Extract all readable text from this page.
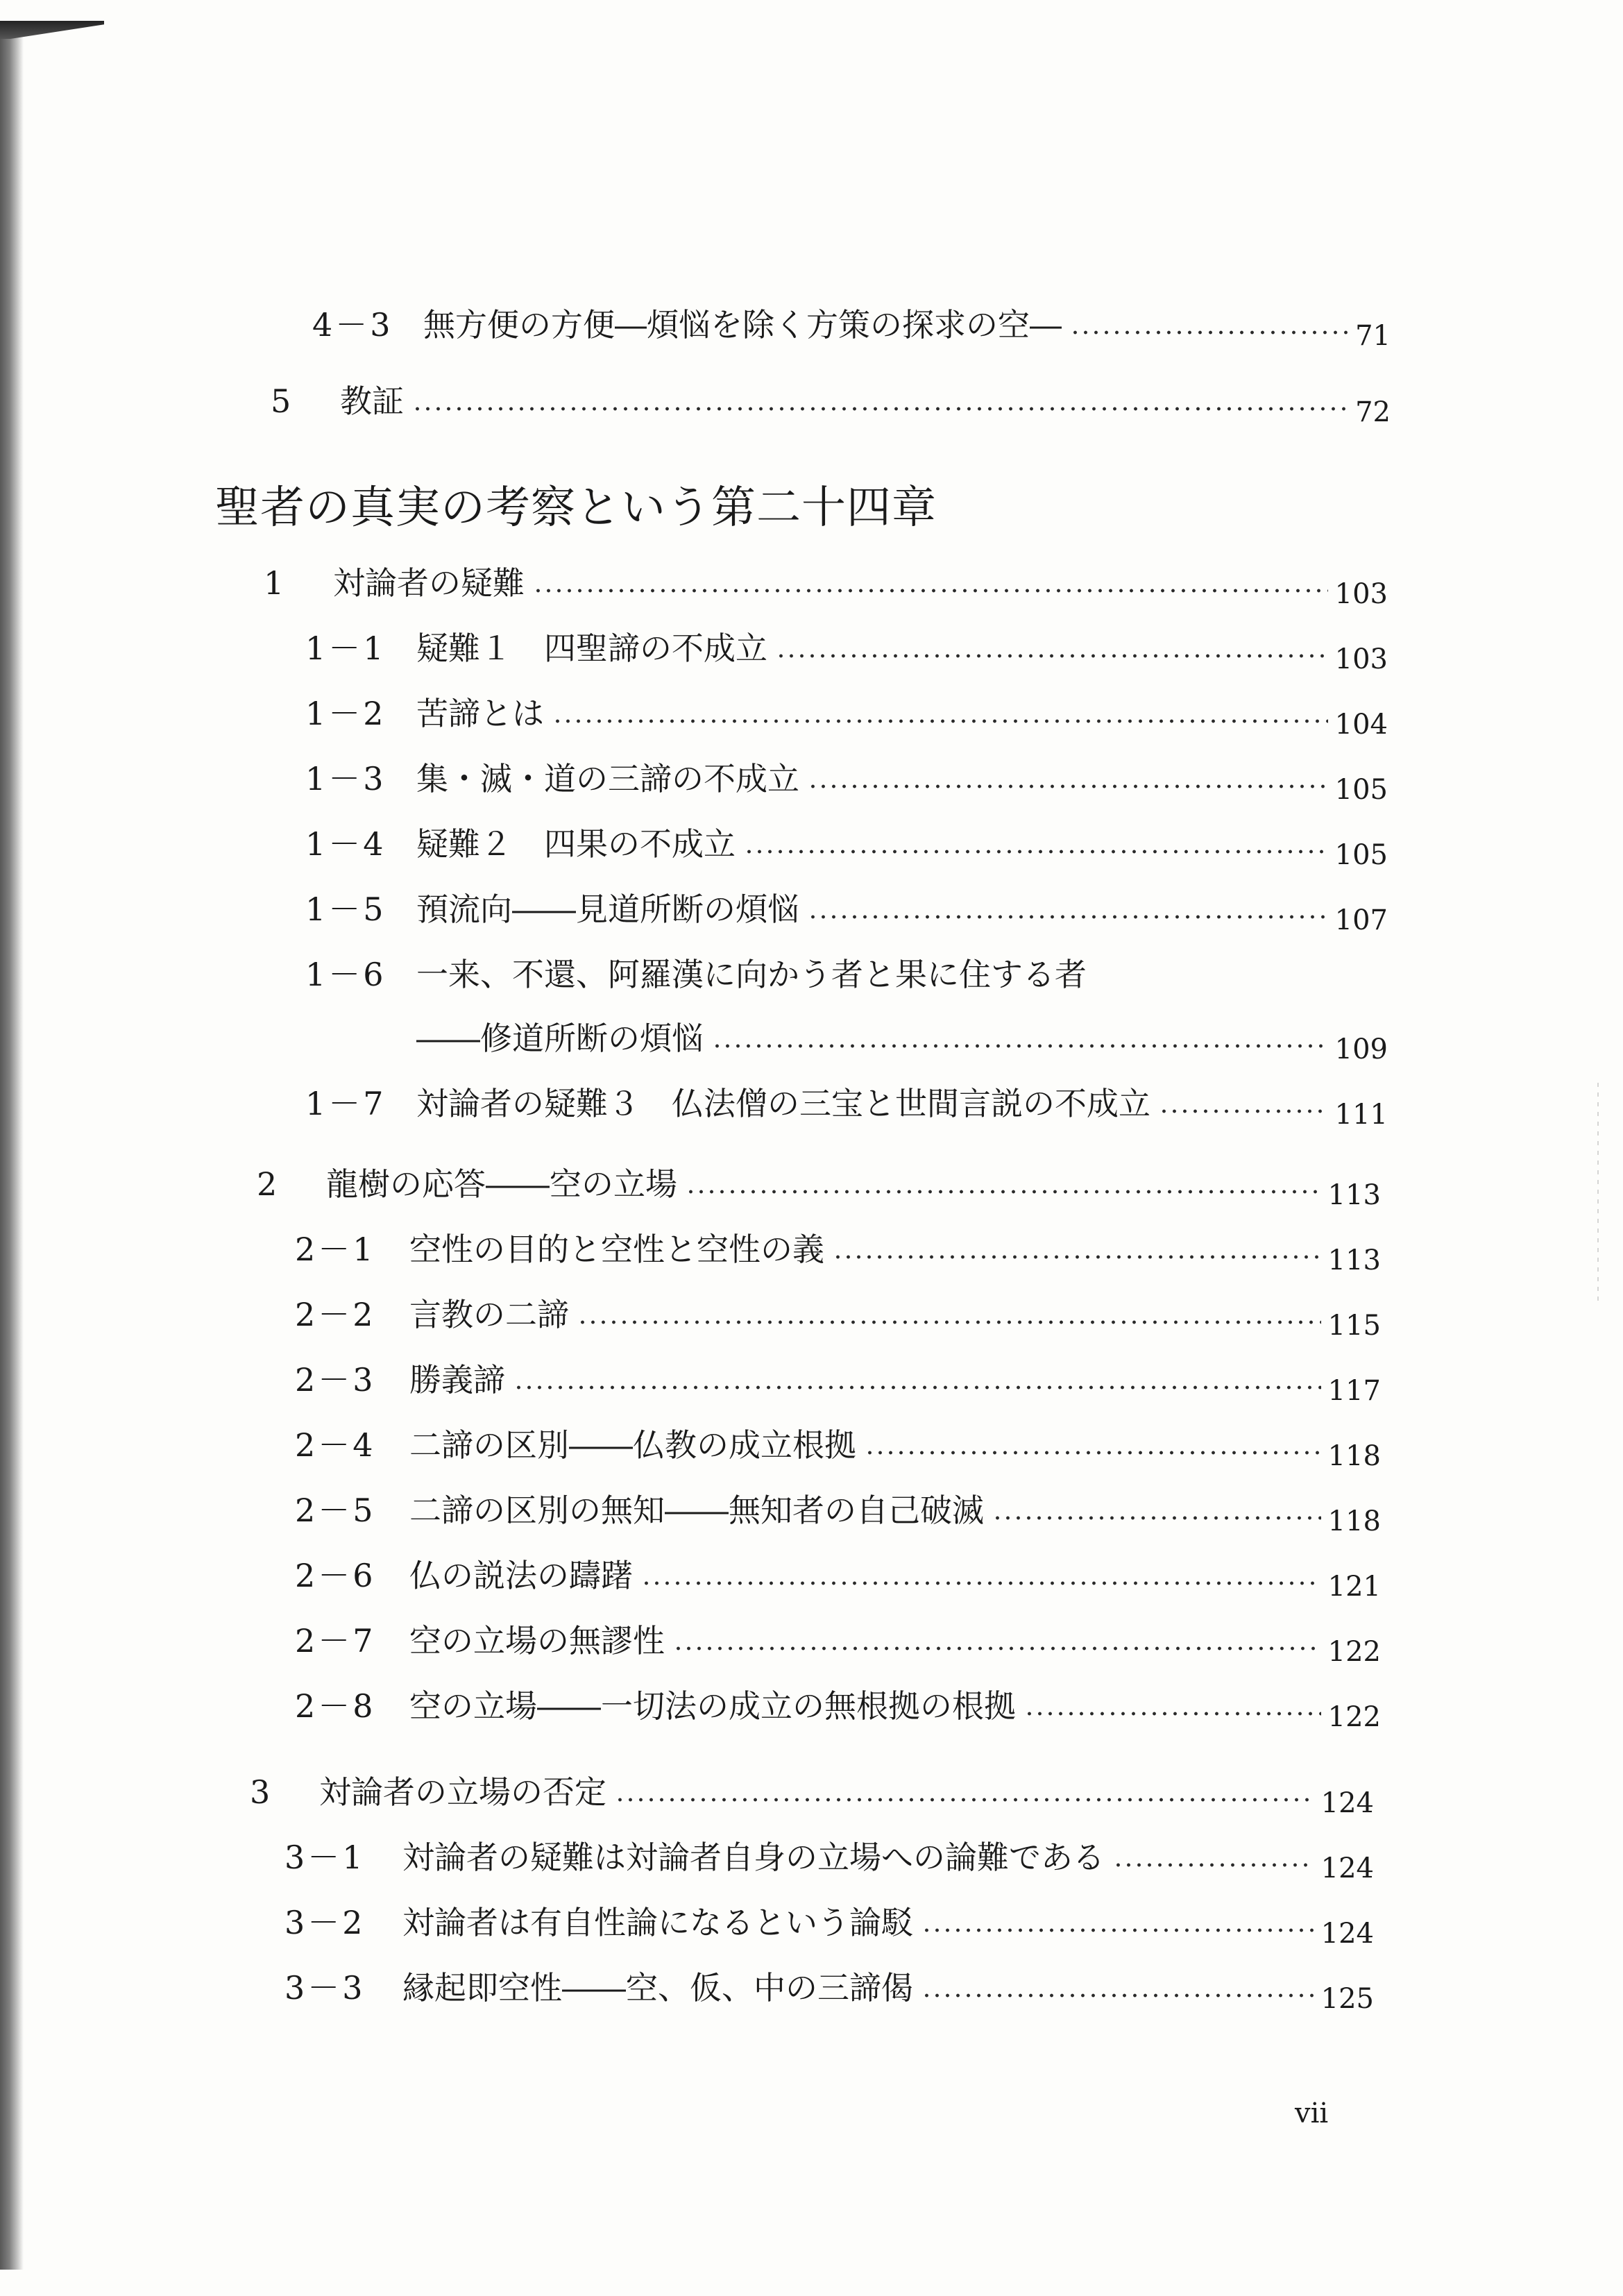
4－3 無方便の方便―煩悩を除く方策の探求の空―	71
5	教証	72
聖者の真実の考察という第二十四章
1	対論者の疑難	103
1－1 疑難１　四聖諦の不成立	103
1－2 苦諦とは	104
1－3 集・滅・道の三諦の不成立	105
1－4 疑難２　四果の不成立	105
1－5 預流向――見道所断の煩悩	107
1－6 一来、不還、阿羅漢に向かう者と果に住する者
――修道所断の煩悩	109
1－7 対論者の疑難３　仏法僧の三宝と世間言説の不成立	111
2	龍樹の応答――空の立場	113
2－1	空性の目的と空性と空性の義	113
2－2	言教の二諦	115
2－3	勝義諦	117
2－4	二諦の区別――仏教の成立根拠	118
2－5	二諦の区別の無知――無知者の自己破滅	118
2－6	仏の説法の躊躇	121
2－7	空の立場の無謬性	122
2－8	空の立場――一切法の成立の無根拠の根拠	122
3	対論者の立場の否定	124
3－1	対論者の疑難は対論者自身の立場への論難である	124
3－2	対論者は有自性論になるという論駁	124
3－3	縁起即空性――空、仮、中の三諦偈	125
vii
